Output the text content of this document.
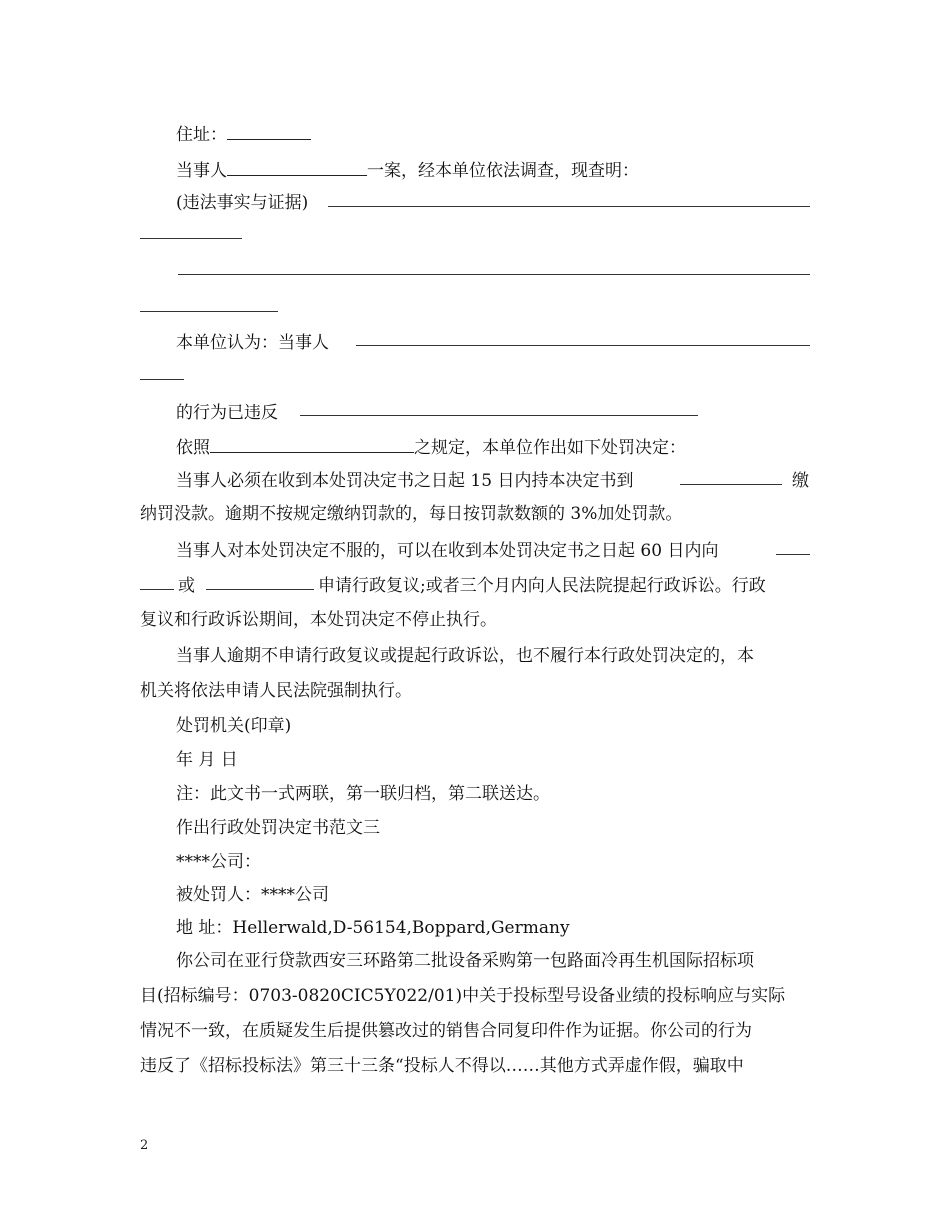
住址：
当事人	一案，经本单位依法调查，现查明：
(违法事实与证据)
本单位认为：当事人
的行为已违反
依照	之规定，本单位作出如下处罚决定：
当事人必须在收到本处罚决定书之日起 15 日内持本决定书到	缴
纳罚没款。逾期不按规定缴纳罚款的，每日按罚款数额的 3%加处罚款。
当事人对本处罚决定不服的，可以在收到本处罚决定书之日起 60 日内向
或	申请行政复议;或者三个月内向人民法院提起行政诉讼。行政
复议和行政诉讼期间，本处罚决定不停止执行。
当事人逾期不申请行政复议或提起行政诉讼，也不履行本行政处罚决定的，本
机关将依法申请人民法院强制执行。
处罚机关(印章)
年 月 日
注：此文书一式两联，第一联归档，第二联送达。
作出行政处罚决定书范文三
****公司：
被处罚人：****公司
地 址：Hellerwald,D-56154,Boppard,Germany
你公司在亚行贷款西安三环路第二批设备采购第一包路面冷再生机国际招标项
目(招标编号：0703-0820CIC5Y022/01)中关于投标型号设备业绩的投标响应与实际
情况不一致，在质疑发生后提供篡改过的销售合同复印件作为证据。你公司的行为
违反了《招标投标法》第三十三条“投标人不得以……其他方式弄虚作假，骗取中
2
